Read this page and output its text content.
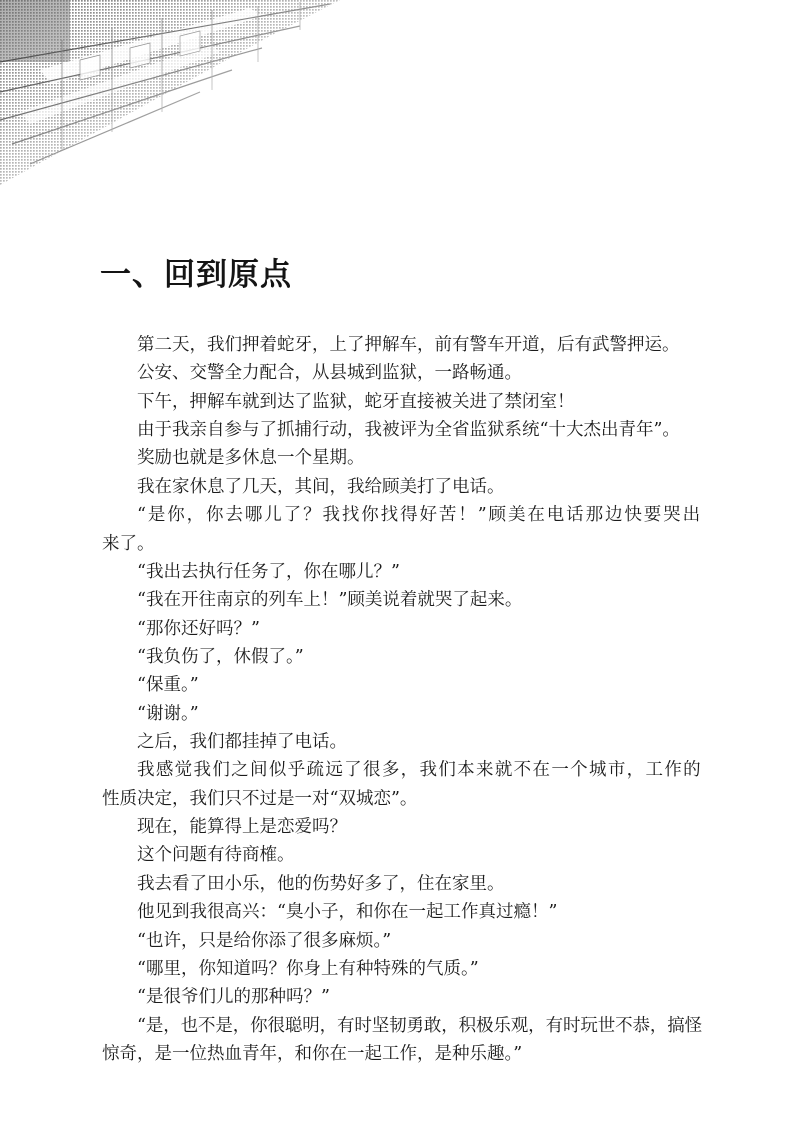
一、回到原点

第二天，我们押着蛇牙，上了押解车，前有警车开道，后有武警押运。

公安、交警全力配合，从县城到监狱，一路畅通。

下午，押解车就到达了监狱，蛇牙直接被关进了禁闭室！

由于我亲自参与了抓捕行动，我被评为全省监狱系统“十大杰出青年”。

奖励也就是多休息一个星期。

我在家休息了几天，其间，我给顾美打了电话。

“是你，你去哪儿了？我找你找得好苦！”顾美在电话那边快要哭出
来了。

“我出去执行任务了，你在哪儿？”

“我在开往南京的列车上！”顾美说着就哭了起来。

“那你还好吗？”

“我负伤了，休假了。”

“保重。”

“谢谢。”

之后，我们都挂掉了电话。

我感觉我们之间似乎疏远了很多，我们本来就不在一个城市，工作的
性质决定，我们只不过是一对“双城恋”。

现在，能算得上是恋爱吗？

这个问题有待商榷。

我去看了田小乐，他的伤势好多了，住在家里。

他见到我很高兴：“臭小子，和你在一起工作真过瘾！”

“也许，只是给你添了很多麻烦。”

“哪里，你知道吗？你身上有种特殊的气质。”

“是很爷们儿的那种吗？”

“是，也不是，你很聪明，有时坚韧勇敢，积极乐观，有时玩世不恭，搞怪
惊奇，是一位热血青年，和你在一起工作，是种乐趣。”
